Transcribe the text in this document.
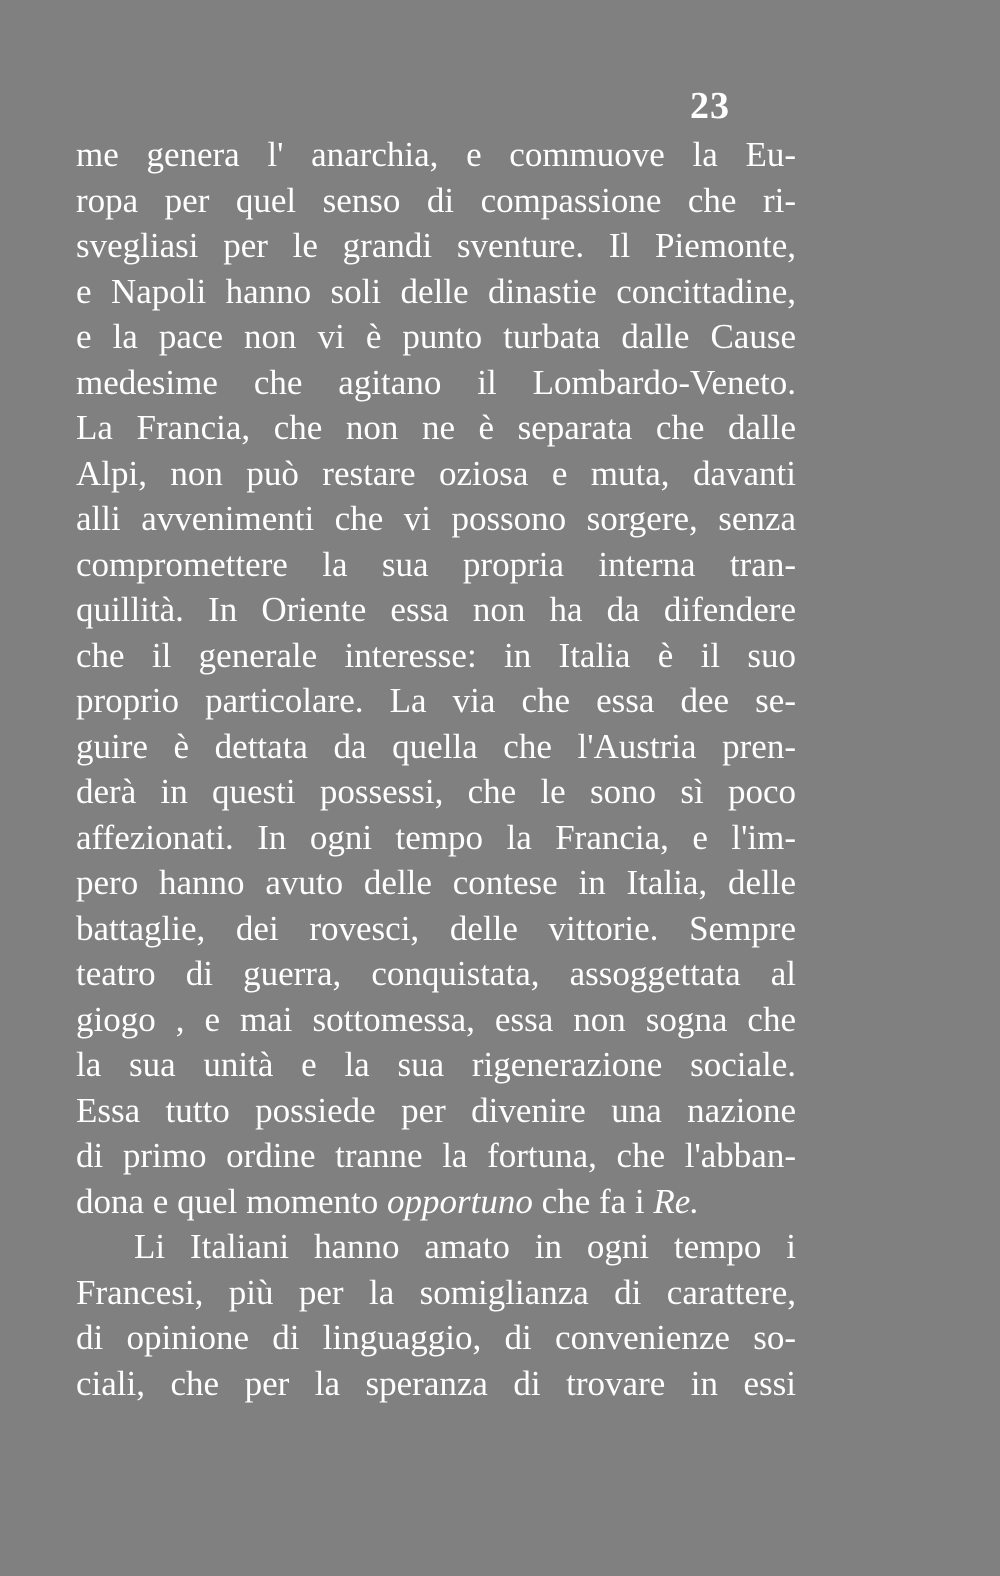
23
me genera l' anarchia, e commuove la Eu-
ropa per quel senso di compassione che ri-
svegliasi per le grandi sventure. Il Piemonte,
e Napoli hanno soli delle dinastie concittadine,
e la pace non vi è punto turbata dalle Cause
medesime che agitano il Lombardo-Veneto.
La Francia, che non ne è separata che dalle
Alpi, non può restare oziosa e muta, davanti
alli avvenimenti che vi possono sorgere, senza
compromettere la sua propria interna tran-
quillità. In Oriente essa non ha da difendere
che il generale interesse: in Italia è il suo
proprio particolare. La via che essa dee se-
guire è dettata da quella che l'Austria pren-
derà in questi possessi, che le sono sì poco
affezionati. In ogni tempo la Francia, e l'im-
pero hanno avuto delle contese in Italia, delle
battaglie, dei rovesci, delle vittorie. Sempre
teatro di guerra, conquistata, assoggettata al
giogo , e mai sottomessa, essa non sogna che
la sua unità e la sua rigenerazione sociale.
Essa tutto possiede per divenire una nazione
di primo ordine tranne la fortuna, che l'abban-
dona e quel momento opportuno che fa i Re.
Li Italiani hanno amato in ogni tempo i
Francesi, più per la somiglianza di carattere,
di opinione di linguaggio, di convenienze so-
ciali, che per la speranza di trovare in essi
